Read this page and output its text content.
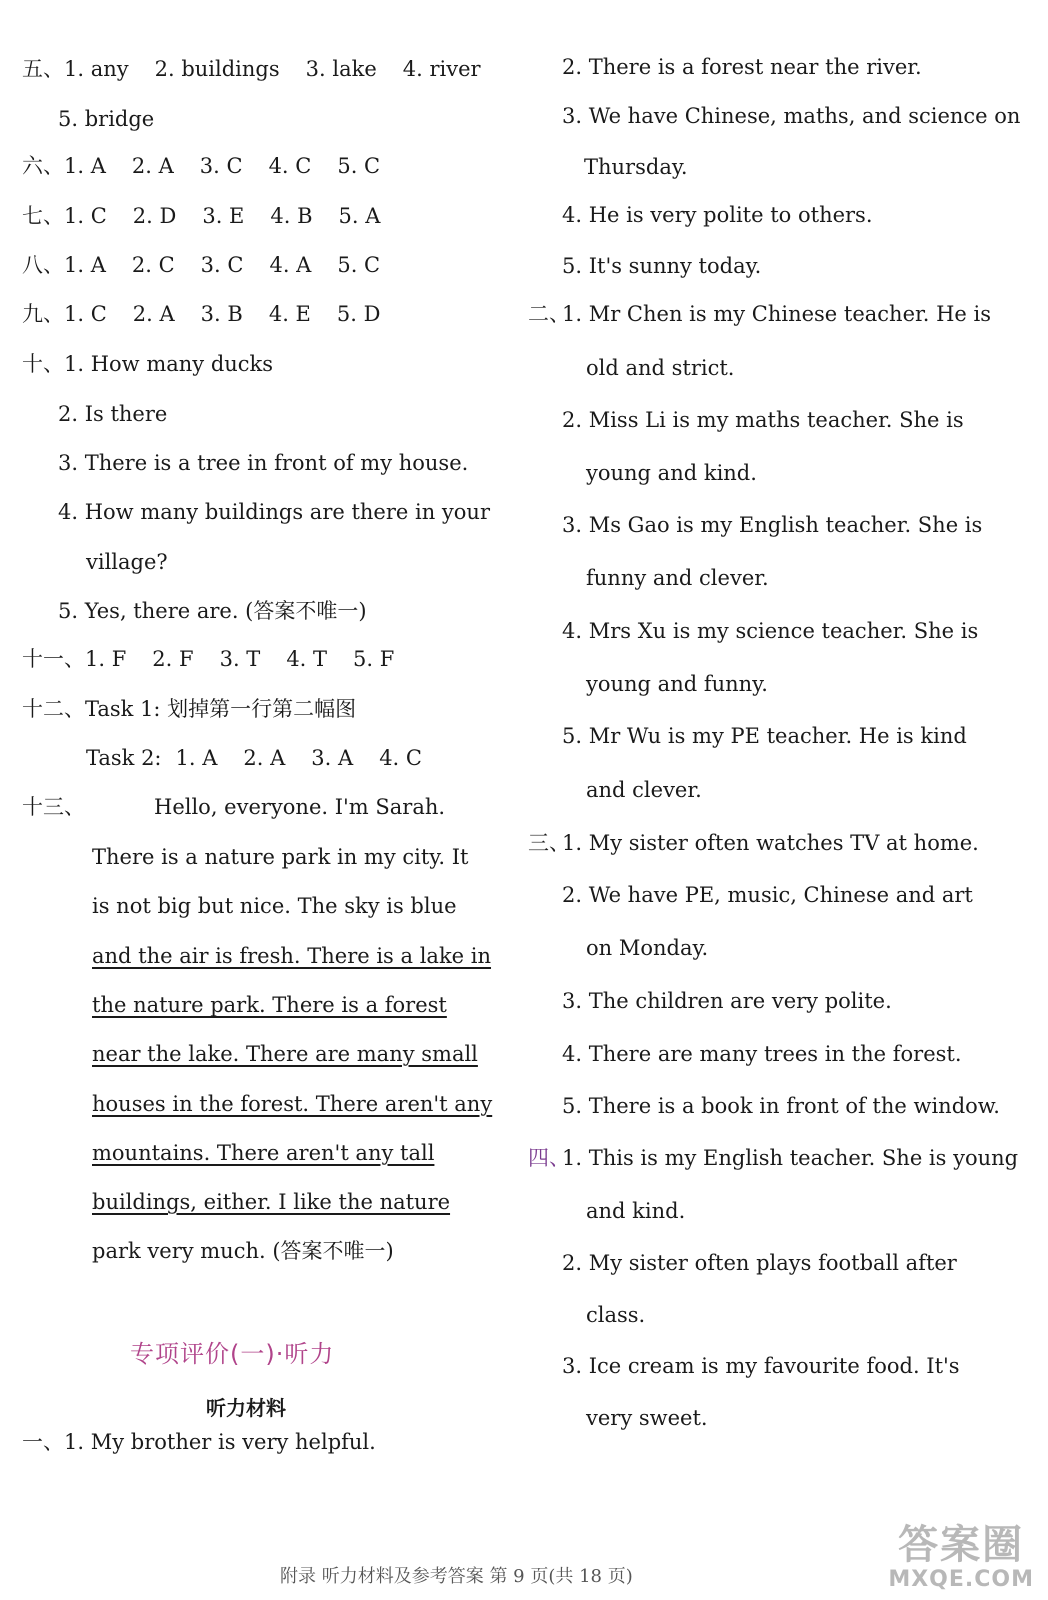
五、1. any 2. buildings 3. lake 4. river
5. bridge
六、1. A 2. A 3. C 4. C 5. C
七、1. C 2. D 3. E 4. B 5. A
八、1. A 2. C 3. C 4. A 5. C
九、1. C 2. A 3. B 4. E 5. D
十、1. How many ducks
2. Is there
3. There is a tree in front of my house.
4. How many buildings are there in your
village?
5. Yes, there are. (答案不唯一)
十一、1. F 2. F 3. T 4. T 5. F
十二、Task 1: 划掉第一行第二幅图
Task 2: 1. A 2. A 3. A 4. C
十三、	Hello, everyone. I'm Sarah.
There is a nature park in my city. It
is not big but nice. The sky is blue
and the air is fresh. There is a lake in
the nature park. There is a forest
near the lake. There are many small
houses in the forest. There aren't any
mountains. There aren't any tall
buildings, either. I like the nature
park very much. (答案不唯一)
专项评价(一)·听力
听力材料
一、1. My brother is very helpful.
2. There is a forest near the river.
3. We have Chinese, maths, and science on
Thursday.
4. He is very polite to others.
5. It's sunny today.
二、
1. Mr Chen is my Chinese teacher. He is
old and strict.
2. Miss Li is my maths teacher. She is
young and kind.
3. Ms Gao is my English teacher. She is
funny and clever.
4. Mrs Xu is my science teacher. She is
young and funny.
5. Mr Wu is my PE teacher. He is kind
and clever.
三、
1. My sister often watches TV at home.
2. We have PE, music, Chinese and art
on Monday.
3. The children are very polite.
4. There are many trees in the forest.
5. There is a book in front of the window.
四、
1. This is my English teacher. She is young
and kind.
2. My sister often plays football after
class.
3. Ice cream is my favourite food. It's
very sweet.
附录 听力材料及参考答案 第 9 页(共 18 页)
答案圈
MXQE.COM
